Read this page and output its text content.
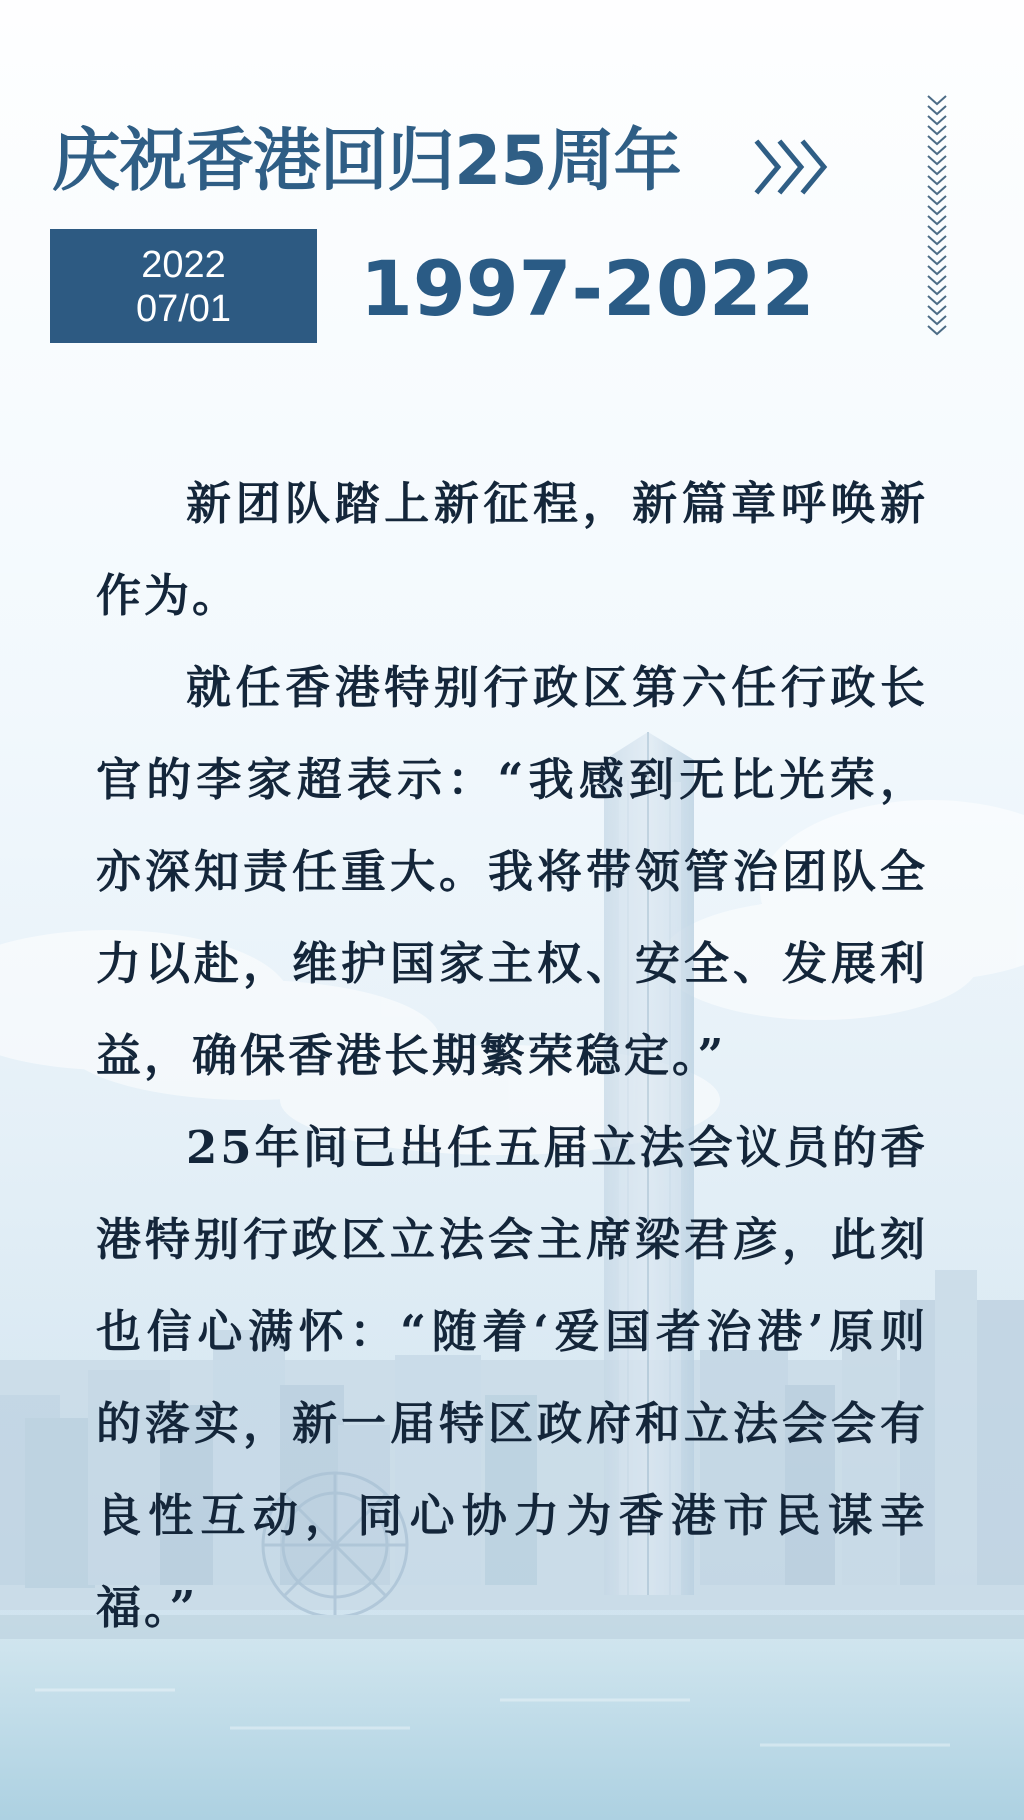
庆祝香港回归25周年
2022
07/01 1997-2022

新团队踏上新征程，新篇章呼唤新作为。

就任香港特别行政区第六任行政长官的李家超表示：“我感到无比光荣，亦深知责任重大。我将带领管治团队全力以赴，维护国家主权、安全、发展利益，确保香港长期繁荣稳定。”

25年间已出任五届立法会议员的香港特别行政区立法会主席梁君彦，此刻也信心满怀：“随着‘爱国者治港’原则的落实，新一届特区政府和立法会会有良性互动，同心协力为香港市民谋幸福。”
